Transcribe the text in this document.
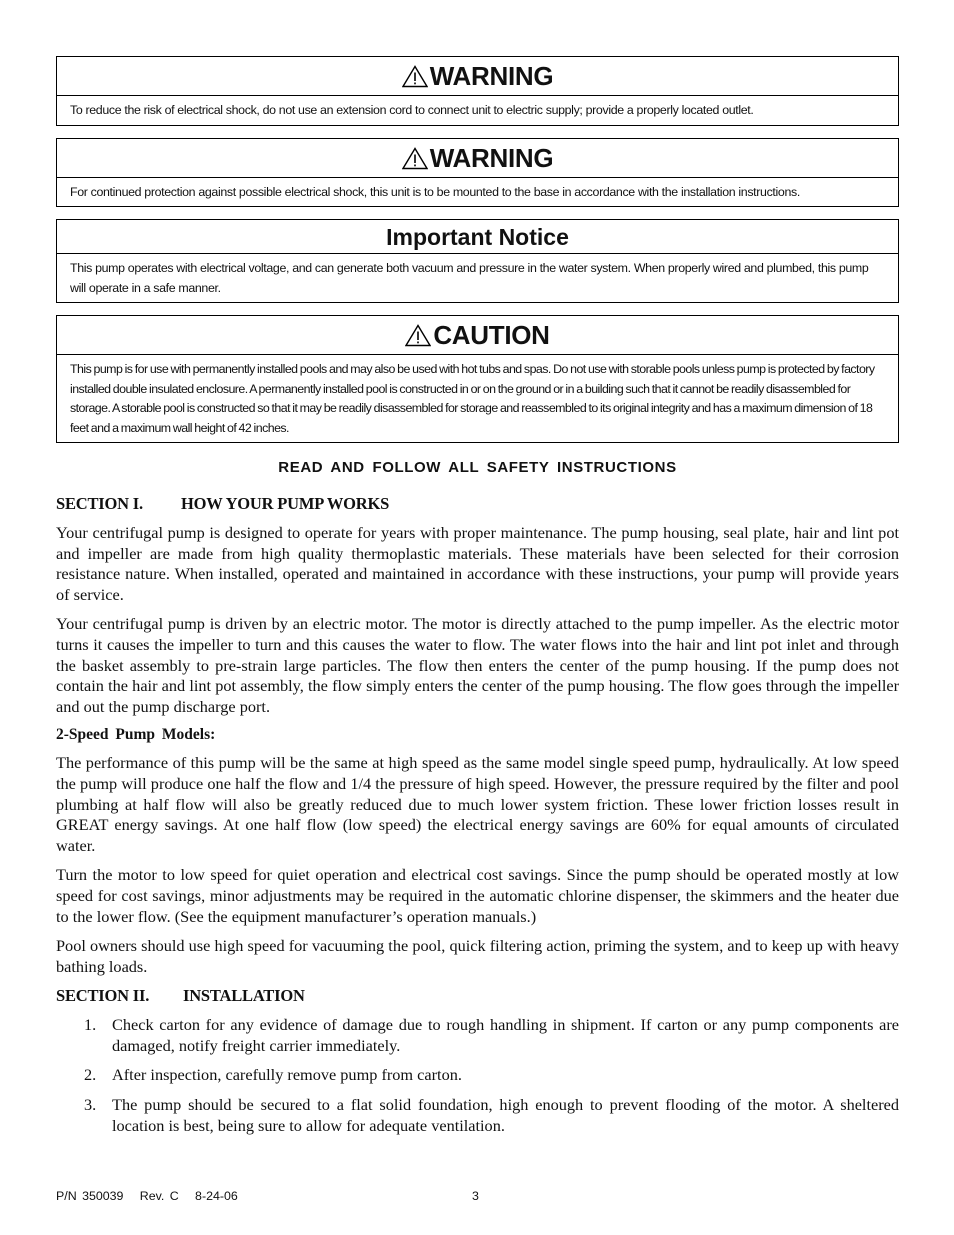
WARNING
To reduce the risk of electrical shock, do not use an extension cord to connect unit to electric supply; provide a properly located outlet.
WARNING
For continued protection against possible electrical shock, this unit is to be mounted to the base in accordance with the installation instructions.
Important Notice
This pump operates with electrical voltage, and can generate both vacuum and pressure in the water system. When properly wired and plumbed, this pump will operate in a safe manner.
CAUTION
This pump is for use with permanently installed pools and may also be used with hot tubs and spas. Do not use with storable pools unless pump is protected by factory installed double insulated enclosure. A permanently installed pool is constructed in or on the ground or in a building such that it cannot be readily disassembled for storage. A storable pool is constructed so that it may be readily disassembled for storage and reassembled to its original integrity and has a maximum dimension of 18 feet and a maximum wall height of 42 inches.
READ AND FOLLOW ALL SAFETY INSTRUCTIONS
SECTION I. HOW YOUR PUMP WORKS

Your centrifugal pump is designed to operate for years with proper maintenance. The pump housing, seal plate, hair and lint pot and impeller are made from high quality thermoplastic materials. These materials have been selected for their corrosion resistance nature. When installed, operated and maintained in accordance with these instructions, your pump will provide years of service.

Your centrifugal pump is driven by an electric motor. The motor is directly attached to the pump impeller. As the electric motor turns it causes the impeller to turn and this causes the water to flow. The water flows into the hair and lint pot inlet and through the basket assembly to pre-strain large particles. The flow then enters the center of the pump housing. If the pump does not contain the hair and lint pot assembly, the flow simply enters the center of the pump housing. The flow goes through the impeller and out the pump discharge port.

2-Speed Pump Models:

The performance of this pump will be the same at high speed as the same model single speed pump, hydraulically. At low speed the pump will produce one half the flow and 1/4 the pressure of high speed. However, the pressure required by the filter and pool plumbing at half flow will also be greatly reduced due to much lower system friction. These lower friction losses result in GREAT energy savings. At one half flow (low speed) the electrical energy savings are 60% for equal amounts of circulated water.

Turn the motor to low speed for quiet operation and electrical cost savings. Since the pump should be operated mostly at low speed for cost savings, minor adjustments may be required in the automatic chlorine dispenser, the skimmers and the heater due to the lower flow. (See the equipment manufacturer’s operation manuals.)

Pool owners should use high speed for vacuuming the pool, quick filtering action, priming the system, and to keep up with heavy bathing loads.

SECTION II. INSTALLATION
1. Check carton for any evidence of damage due to rough handling in shipment. If carton or any pump components are damaged, notify freight carrier immediately.
2. After inspection, carefully remove pump from carton.
3. The pump should be secured to a flat solid foundation, high enough to prevent flooding of the motor. A sheltered location is best, being sure to allow for adequate ventilation.
P/N 350039   Rev. C   8-24-06	3
